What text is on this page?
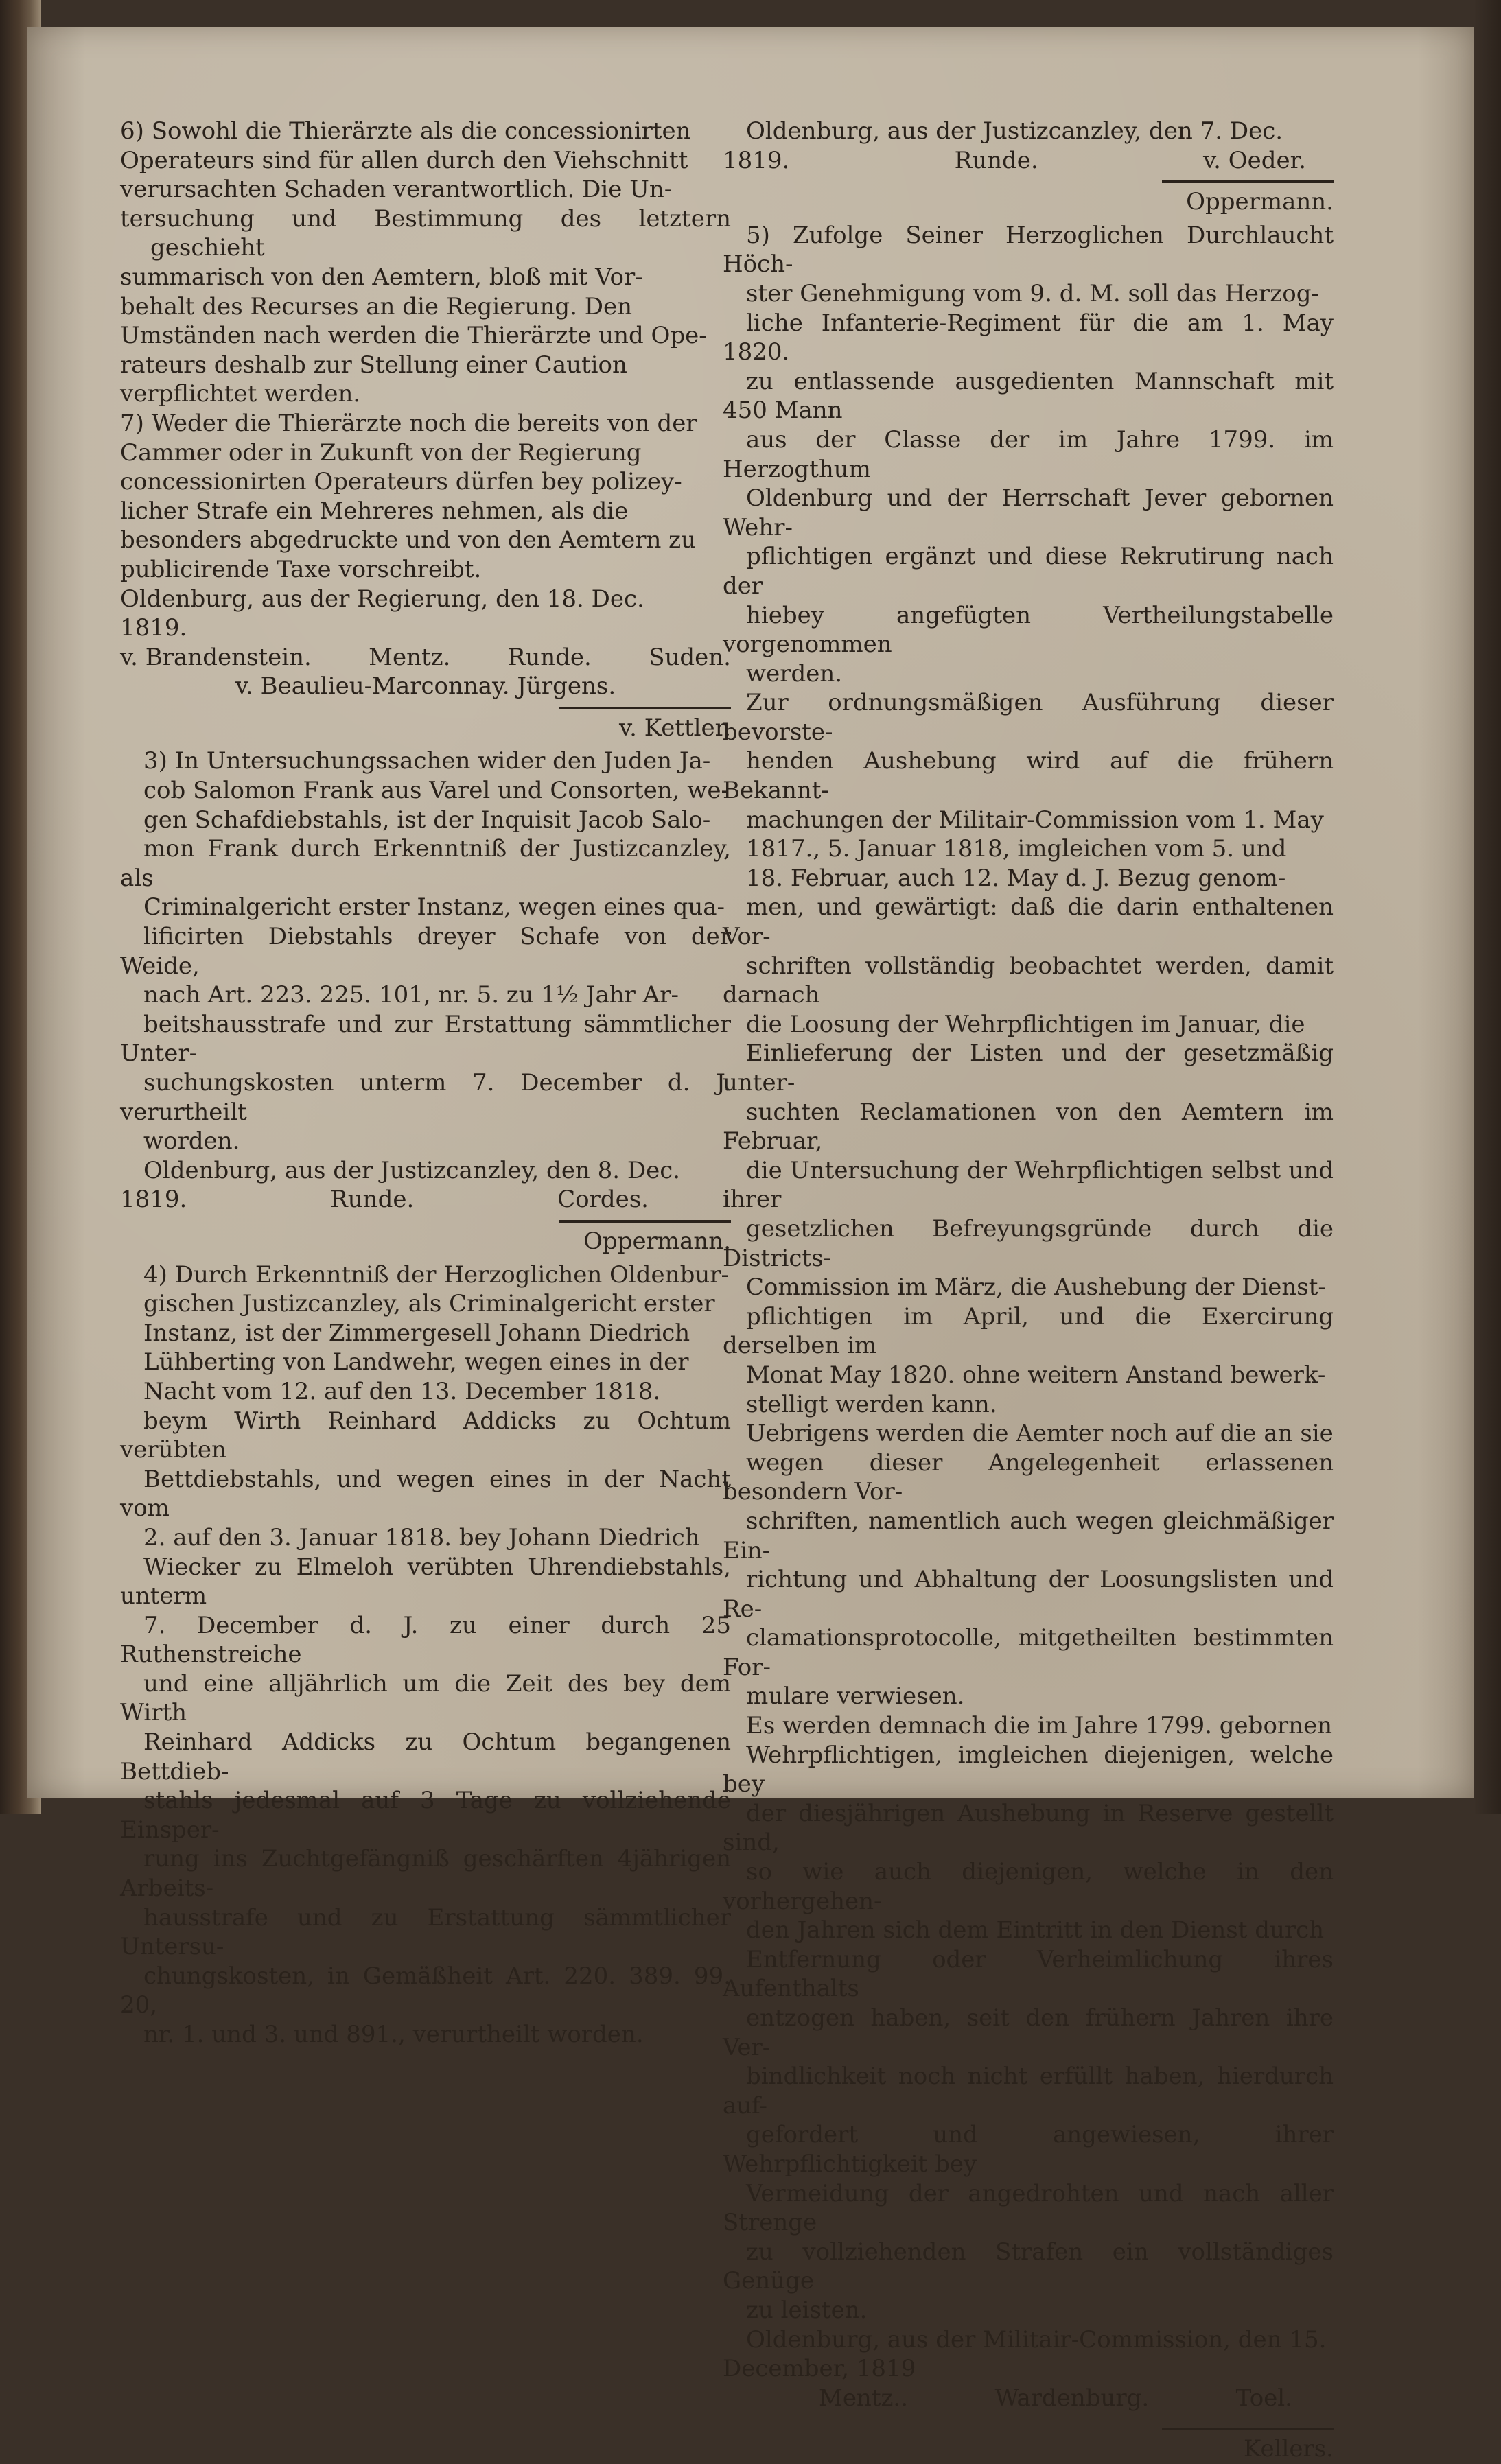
6) Sowohl die Thierärzte als die concessionirten
Operateurs sind für allen durch den Viehschnitt
verursachten Schaden verantwortlich. Die Un-
tersuchung und Bestimmung des letztern geschieht
summarisch von den Aemtern, bloß mit Vor-
behalt des Recurses an die Regierung. Den
Umständen nach werden die Thierärzte und Ope-
rateurs deshalb zur Stellung einer Caution
verpflichtet werden.
7) Weder die Thierärzte noch die bereits von der
Cammer oder in Zukunft von der Regierung
concessionirten Operateurs dürfen bey polizey-
licher Strafe ein Mehreres nehmen, als die
besonders abgedruckte und von den Aemtern zu
publicirende Taxe vorschreibt.
Oldenburg, aus der Regierung, den 18. Dec.
1819.
v. Brandenstein. Mentz. Runde. Suden.
v. Beaulieu-Marconnay. Jürgens.
v. Kettler.
3) In Untersuchungssachen wider den Juden Ja-
cob Salomon Frank aus Varel und Consorten, we-
gen Schafdiebstahls, ist der Inquisit Jacob Salo-
mon Frank durch Erkenntniß der Justizcanzley, als
Criminalgericht erster Instanz, wegen eines qua-
lificirten Diebstahls dreyer Schafe von der Weide,
nach Art. 223. 225. 101, nr. 5. zu 1½ Jahr Ar-
beitshausstrafe und zur Erstattung sämmtlicher Unter-
suchungskosten unterm 7. December d. J. verurtheilt
worden.
Oldenburg, aus der Justizcanzley, den 8. Dec.
1819.	Runde.	Cordes.
Oppermann.
4) Durch Erkenntniß der Herzoglichen Oldenbur-
gischen Justizcanzley, als Criminalgericht erster
Instanz, ist der Zimmergesell Johann Diedrich
Lühberting von Landwehr, wegen eines in der
Nacht vom 12. auf den 13. December 1818.
beym Wirth Reinhard Addicks zu Ochtum verübten
Bettdiebstahls, und wegen eines in der Nacht vom
2. auf den 3. Januar 1818. bey Johann Diedrich
Wiecker zu Elmeloh verübten Uhrendiebstahls, unterm
7. December d. J. zu einer durch 25 Ruthenstreiche
und eine alljährlich um die Zeit des bey dem Wirth
Reinhard Addicks zu Ochtum begangenen Bettdieb-
stahls jedesmal auf 3 Tage zu vollziehende Einsper-
rung ins Zuchtgefängniß geschärften 4jährigen Arbeits-
hausstrafe und zu Erstattung sämmtlicher Untersu-
chungskosten, in Gemäßheit Art. 220. 389. 99. 20,
nr. 1. und 3. und 891., verurtheilt worden.
Oldenburg, aus der Justizcanzley, den 7. Dec.
1819.	Runde.	v. Oeder.
Oppermann.
5) Zufolge Seiner Herzoglichen Durchlaucht Höch-
ster Genehmigung vom 9. d. M. soll das Herzog-
liche Infanterie-Regiment für die am 1. May 1820.
zu entlassende ausgedienten Mannschaft mit 450 Mann
aus der Classe der im Jahre 1799. im Herzogthum
Oldenburg und der Herrschaft Jever gebornen Wehr-
pflichtigen ergänzt und diese Rekrutirung nach der
hiebey angefügten Vertheilungstabelle vorgenommen
werden.
Zur ordnungsmäßigen Ausführung dieser bevorste-
henden Aushebung wird auf die frühern Bekannt-
machungen der Militair-Commission vom 1. May
1817., 5. Januar 1818, imgleichen vom 5. und
18. Februar, auch 12. May d. J. Bezug genom-
men, und gewärtigt: daß die darin enthaltenen Vor-
schriften vollständig beobachtet werden, damit darnach
die Loosung der Wehrpflichtigen im Januar, die
Einlieferung der Listen und der gesetzmäßig unter-
suchten Reclamationen von den Aemtern im Februar,
die Untersuchung der Wehrpflichtigen selbst und ihrer
gesetzlichen Befreyungsgründe durch die Districts-
Commission im März, die Aushebung der Dienst-
pflichtigen im April, und die Exercirung derselben im
Monat May 1820. ohne weitern Anstand bewerk-
stelligt werden kann.
Uebrigens werden die Aemter noch auf die an sie
wegen dieser Angelegenheit erlassenen besondern Vor-
schriften, namentlich auch wegen gleichmäßiger Ein-
richtung und Abhaltung der Loosungslisten und Re-
clamationsprotocolle, mitgetheilten bestimmten For-
mulare verwiesen.
Es werden demnach die im Jahre 1799. gebornen
Wehrpflichtigen, imgleichen diejenigen, welche bey
der diesjährigen Aushebung in Reserve gestellt sind,
so wie auch diejenigen, welche in den vorhergehen-
den Jahren sich dem Eintritt in den Dienst durch
Entfernung oder Verheimlichung ihres Aufenthalts
entzogen haben, seit den frühern Jahren ihre Ver-
bindlichkeit noch nicht erfüllt haben, hierdurch auf-
gefordert und angewiesen, ihrer Wehrpflichtigkeit bey
Vermeidung der angedrohten und nach aller Strenge
zu vollziehenden Strafen ein vollständiges Genüge
zu leisten.
Oldenburg, aus der Militair-Commission, den 15.
December, 1819
Mentz..	Wardenburg.	Toel.
Kellers.
